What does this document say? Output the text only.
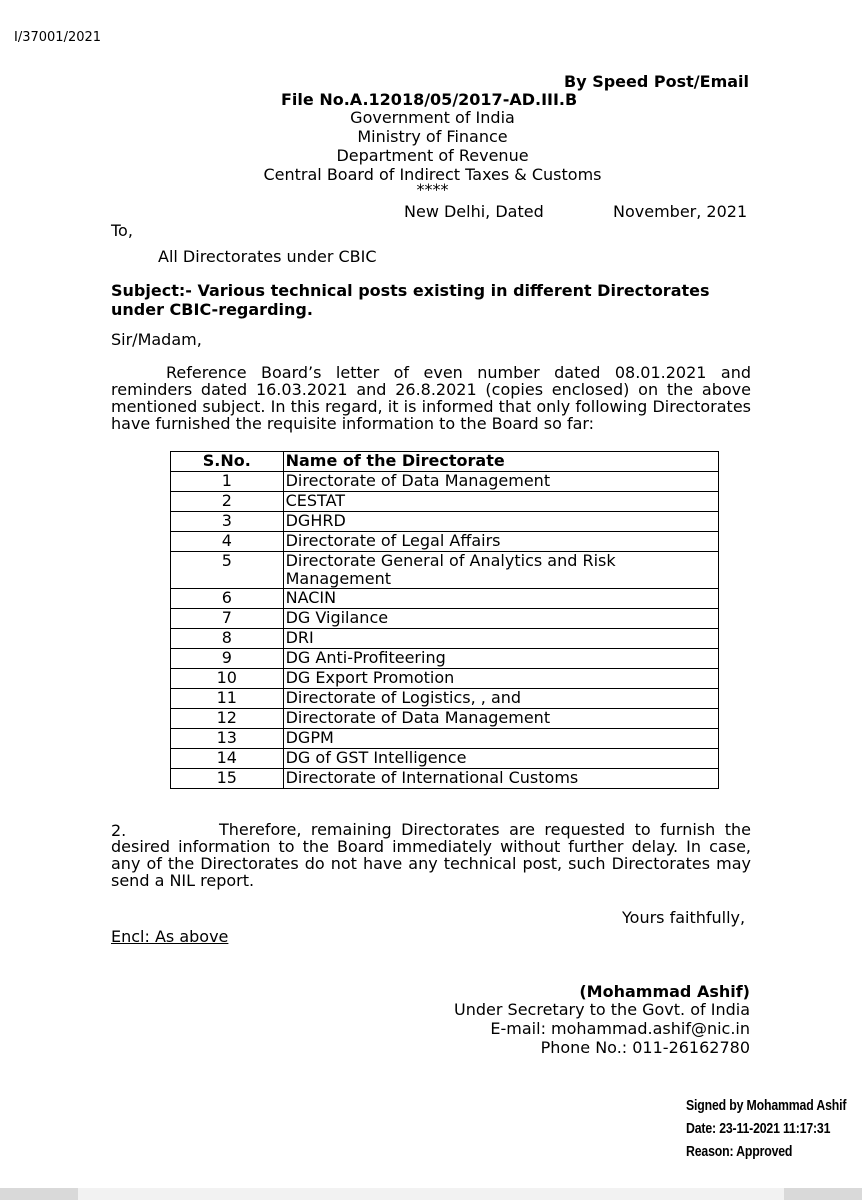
I/37001/2021
By Speed Post/Email
File No.A.12018/05/2017-AD.III.B
Government of India
Ministry of Finance
Department of Revenue
Central Board of Indirect Taxes & Customs
****
New Delhi, Dated	November, 2021
To,
All Directorates under CBIC
Subject:- Various technical posts existing in different Directorates under CBIC-regarding.
Sir/Madam,
Reference Board’s letter of even number dated 08.01.2021 and reminders dated 16.03.2021 and 26.8.2021 (copies enclosed) on the above mentioned subject. In this regard, it is informed that only following Directorates have furnished the requisite information to the Board so far:
S.No.	Name of the Directorate
1	Directorate of Data Management
2	CESTAT
3	DGHRD
4	Directorate of Legal Affairs
5	Directorate General of Analytics and Risk Management
6	NACIN
7	DG Vigilance
8	DRI
9	DG Anti-Profiteering
10	DG Export Promotion
11	Directorate of Logistics, , and
12	Directorate of Data Management
13	DGPM
14	DG of GST Intelligence
15	Directorate of International Customs
2.	Therefore, remaining Directorates are requested to furnish the desired information to the Board immediately without further delay. In case, any of the Directorates do not have any technical post, such Directorates may send a NIL report.
Yours faithfully,
Encl: As above
(Mohammad Ashif)
Under Secretary to the Govt. of India
E-mail: mohammad.ashif@nic.in
Phone No.: 011-26162780
Signed by Mohammad Ashif
Date: 23-11-2021 11:17:31
Reason: Approved
